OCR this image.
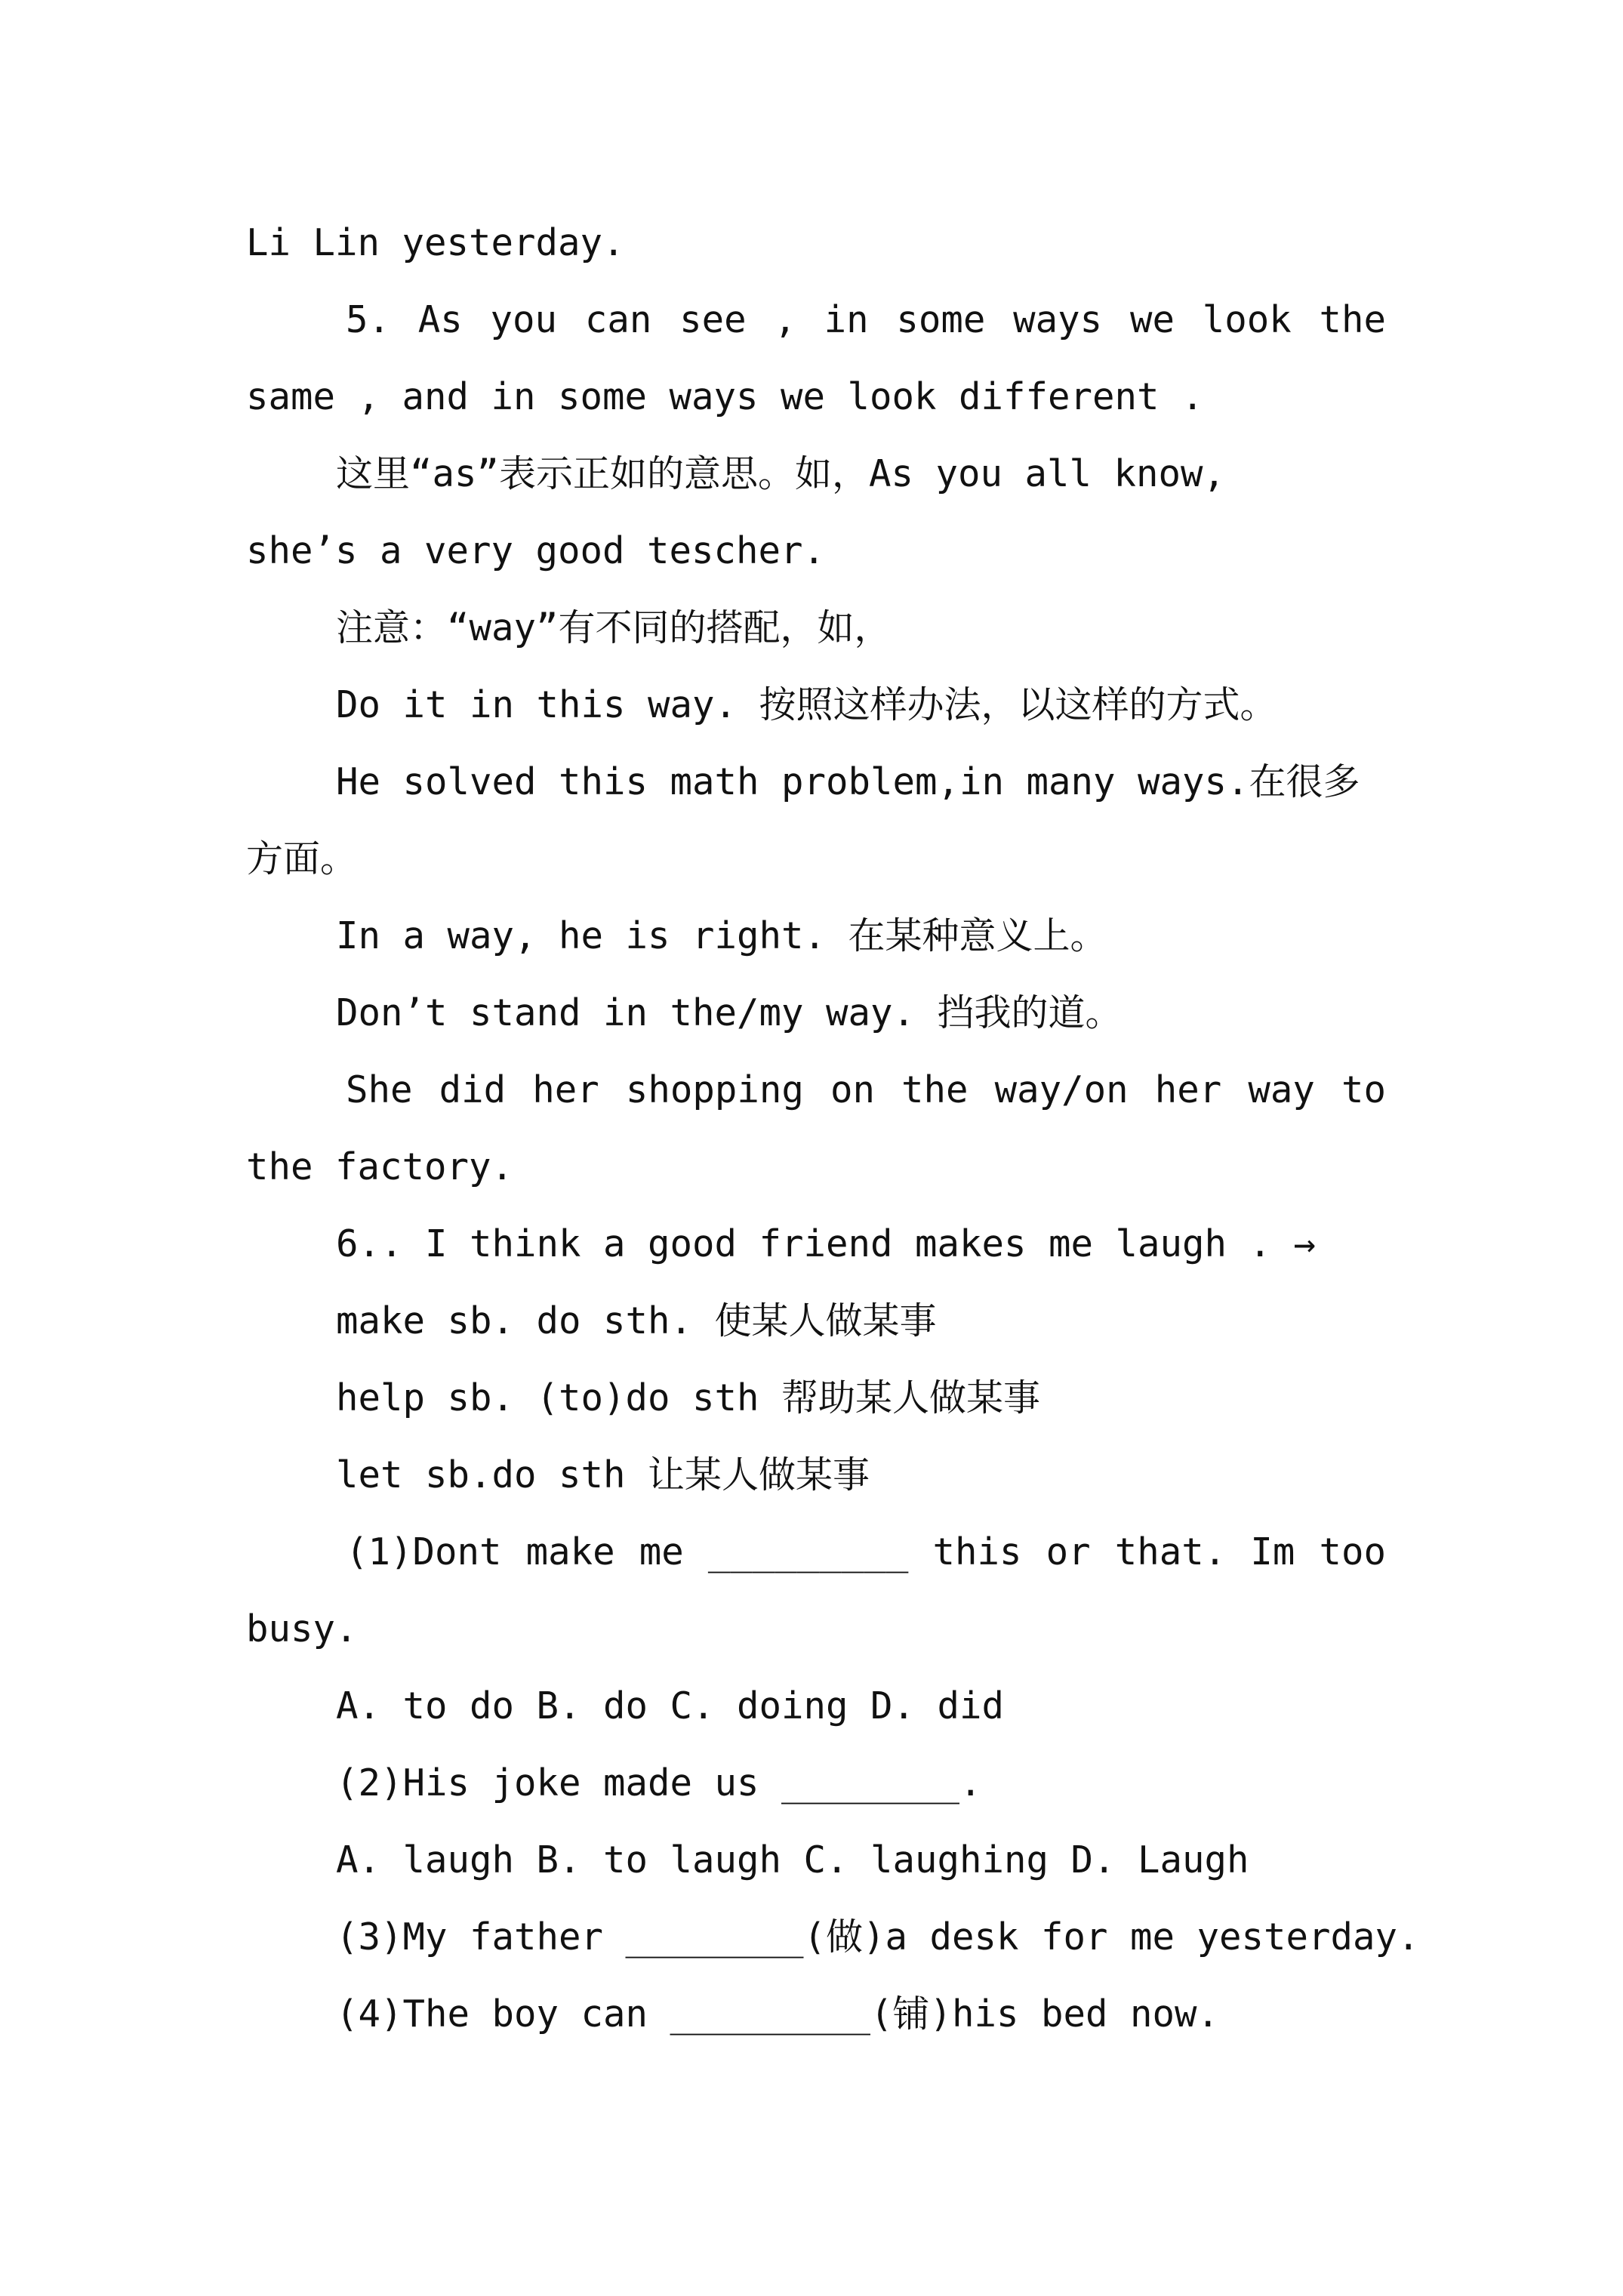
Li Lin yesterday.
5. As you can see , in some ways we look the
same , and in some ways we look different .
这里“as”表示正如的意思。如，As you all know,
she’s a very good tescher.
注意：“way”有不同的搭配，如，
Do it in this way. 按照这样办法，以这样的方式。
He solved this math problem,in many ways.在很多
方面。
In a way, he is right. 在某种意义上。
Don’t stand in the/my way. 挡我的道。
She did her shopping on the way/on her way to
the factory.
6.. I think a good friend makes me laugh . →
make sb. do sth. 使某人做某事
help sb. (to)do sth 帮助某人做某事
let sb.do sth 让某人做某事
(1)Dont make me _________ this or that. Im too
busy.
A. to do B. do C. doing D. did
(2)His joke made us ________.
A. laugh B. to laugh C. laughing D. Laugh
(3)My father ________(做)a desk for me yesterday.
(4)The boy can _________(铺)his bed now.
